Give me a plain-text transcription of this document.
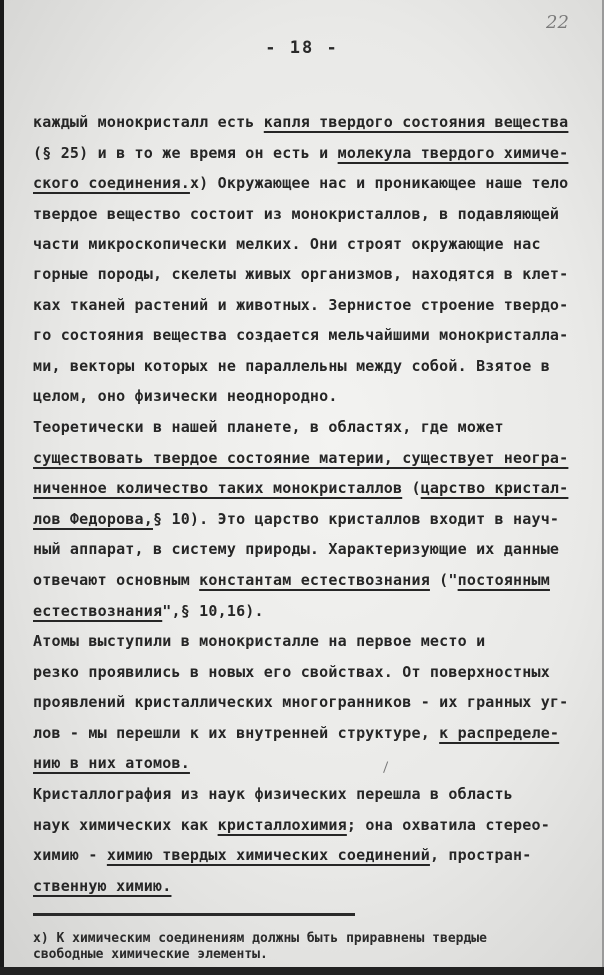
22
- 18 -
каждый монокристалл есть капля твердого состояния вещества
(§ 25) и в то же время он есть и молекула твердого химиче-
ского соединения.x) Окружающее нас и проникающее наше тело
твердое вещество состоит из монокристаллов, в подавляющей
части микроскопически мелких. Они строят окружающие нас
горные породы, скелеты живых организмов, находятся в клет-
ках тканей растений и животных. Зернистое строение твердо-
го состояния вещества создается мельчайшими монокристалла-
ми, векторы которых не параллельны между собой. Взятое в
целом, оно физически неоднородно.
Теоретически в нашей планете, в областях, где может
существовать твердое состояние материи, существует неогра-
ниченное количество таких монокристаллов (царство кристал-
лов Федорова,§ 10). Это царство кристаллов входит в науч-
ный аппарат, в систему природы. Характеризующие их данные
отвечают основным константам естествознания ("постоянным
естествознания",§ 10,16).
Атомы выступили в монокристалле на первое место и
резко проявились в новых его свойствах. От поверхностных
проявлений кристаллических многогранников - их гранных уг-
лов - мы перешли к их внутренней структуре, к распределе-
нию в них атомов.
Кристаллография из наук физических перешла в область
наук химических как кристаллохимия; она охватила стерео-
химию - химию твердых химических соединений, простран-
ственную химию.
x) К химическим соединениям должны быть приравнены твердые
свободные химические элементы.
